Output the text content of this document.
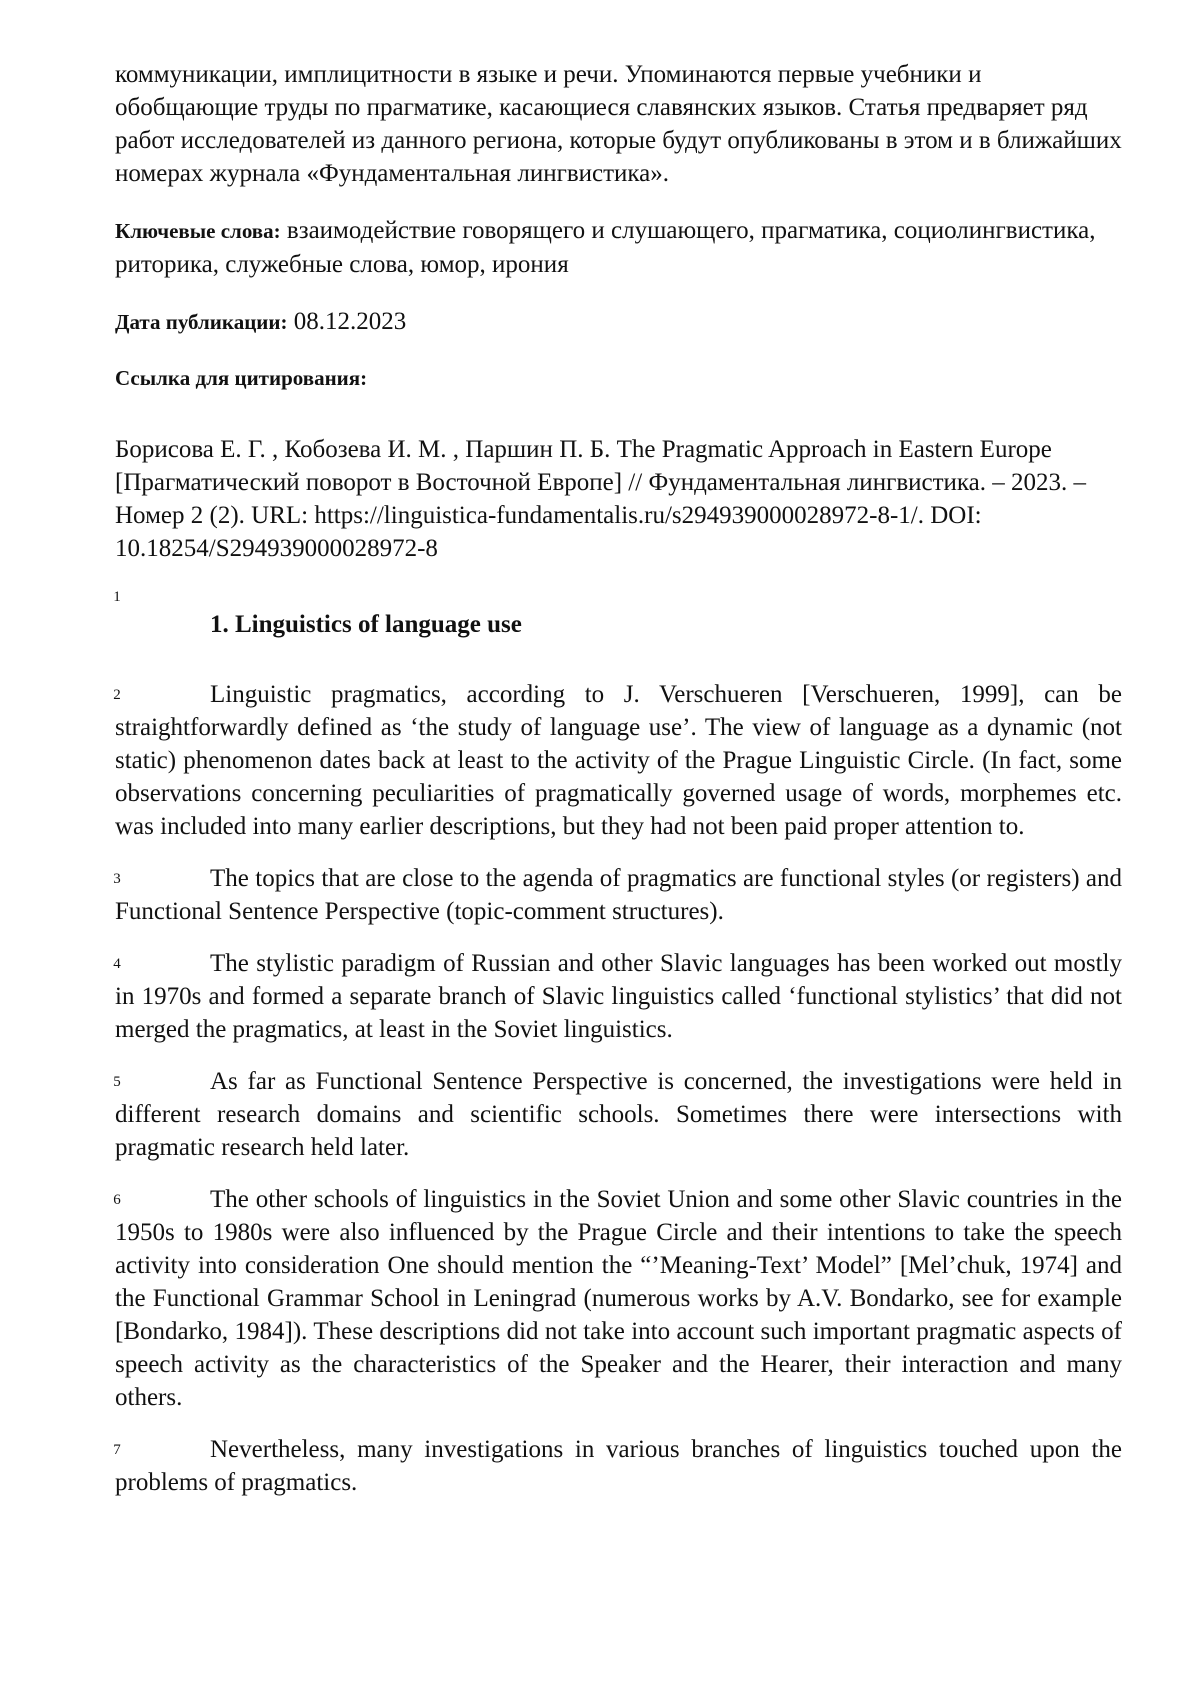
коммуникации, имплицитности в языке и речи. Упоминаются первые учебники и обобщающие труды по прагматике, касающиеся славянских языков. Статья предваряет ряд работ исследователей из данного региона, которые будут опубликованы в этом и в ближайших номерах журнала «Фундаментальная лингвистика».

Ключевые слова: взаимодействие говорящего и слушающего, прагматика, социолингвистика, риторика, служебные слова, юмор, ирония

Дата публикации: 08.12.2023

Ссылка для цитирования:

Борисова Е. Г. , Кобозева И. М. , Паршин П. Б. The Pragmatic Approach in Eastern Europe [Прагматический поворот в Восточной Европе] // Фундаментальная лингвистика. – 2023. – Номер 2 (2). URL: https://linguistica-fundamentalis.ru/s294939000028972-8-1/. DOI: 10.18254/S294939000028972-8

1
1. Linguistics of language use

2	Linguistic pragmatics, according to J. Verschueren [Verschueren, 1999], can be straightforwardly defined as ‘the study of language use’. The view of language as a dynamic (not static) phenomenon dates back at least to the activity of the Prague Linguistic Circle. (In fact, some observations concerning peculiarities of pragmatically governed usage of words, morphemes etc. was included into many earlier descriptions, but they had not been paid proper attention to.

3	The topics that are close to the agenda of pragmatics are functional styles (or registers) and Functional Sentence Perspective (topic-comment structures).

4	The stylistic paradigm of Russian and other Slavic languages has been worked out mostly in 1970s and formed a separate branch of Slavic linguistics called ‘functional stylistics’ that did not merged the pragmatics, at least in the Soviet linguistics.

5	As far as Functional Sentence Perspective is concerned, the investigations were held in different research domains and scientific schools. Sometimes there were intersections with pragmatic research held later.

6	The other schools of linguistics in the Soviet Union and some other Slavic countries in the 1950s to 1980s were also influenced by the Prague Circle and their intentions to take the speech activity into consideration One should mention the “’Meaning-Text’ Model” [Mel’chuk, 1974] and the Functional Grammar School in Leningrad (numerous works by A.V. Bondarko, see for example [Bondarko, 1984]). These descriptions did not take into account such important pragmatic aspects of speech activity as the characteristics of the Speaker and the Hearer, their interaction and many others.

7	Nevertheless, many investigations in various branches of linguistics touched upon the problems of pragmatics.
